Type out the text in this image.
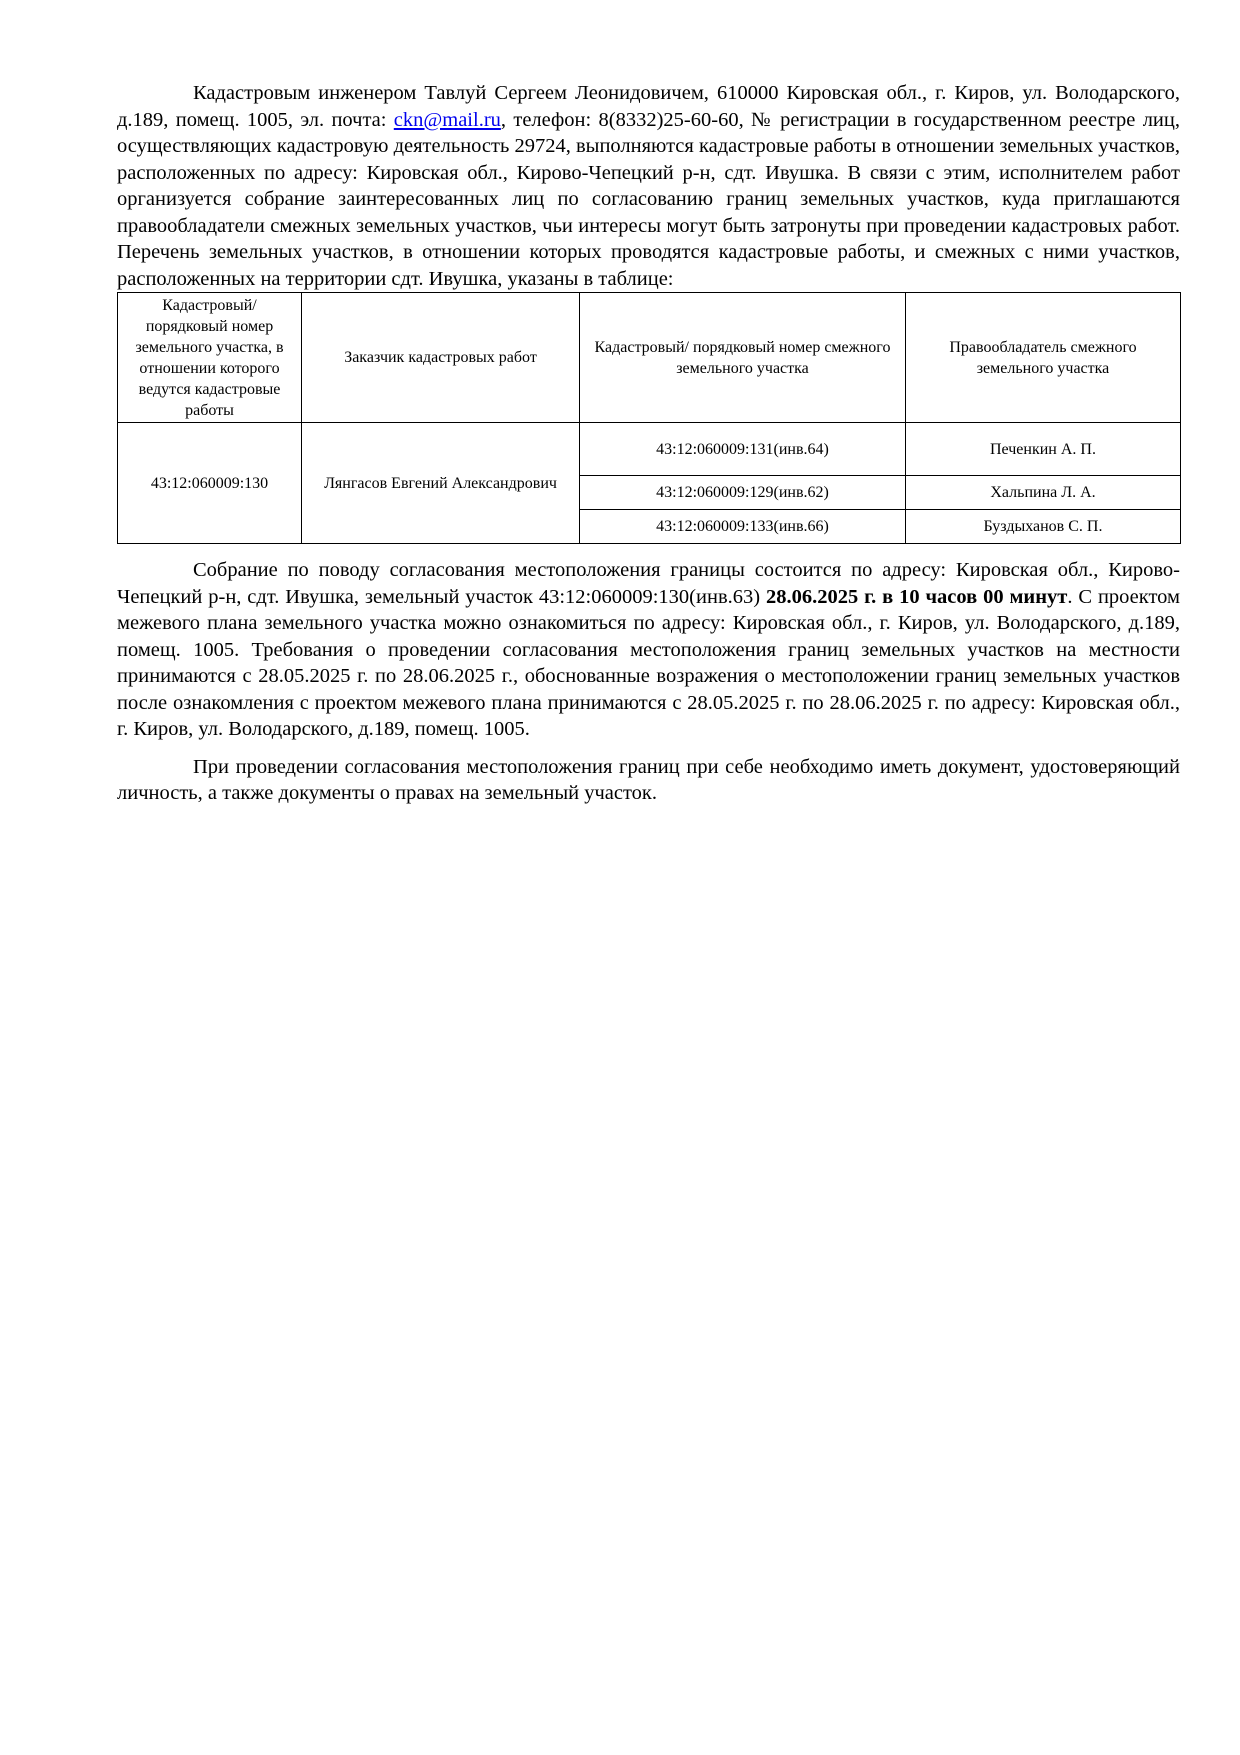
Кадастровым инженером Тавлуй Сергеем Леонидовичем, 610000 Кировская обл., г. Киров, ул. Володарского, д.189, помещ. 1005, эл. почта: ckn@mail.ru, телефон: 8(8332)25-60-60, № регистрации в государственном реестре лиц, осуществляющих кадастровую деятельность 29724, выполняются кадастровые работы в отношении земельных участков, расположенных по адресу: Кировская обл., Кирово-Чепецкий р-н, сдт. Ивушка. В связи с этим, исполнителем работ организуется собрание заинтересованных лиц по согласованию границ земельных участков, куда приглашаются правообладатели смежных земельных участков, чьи интересы могут быть затронуты при проведении кадастровых работ. Перечень земельных участков, в отношении которых проводятся кадастровые работы, и смежных с ними участков, расположенных на территории сдт. Ивушка, указаны в таблице:

Кадастровый/ порядковый номер земельного участка, в отношении которого ведутся кадастровые работы	Заказчик кадастровых работ	Кадастровый/ порядковый номер смежного земельного участка	Правообладатель смежного земельного участка
43:12:060009:130	Лянгасов Евгений Александрович	43:12:060009:131(инв.64)	Печенкин А. П.
		43:12:060009:129(инв.62)	Хальпина Л. А.
		43:12:060009:133(инв.66)	Буздыханов С. П.

Собрание по поводу согласования местоположения границы состоится по адресу: Кировская обл., Кирово-Чепецкий р-н, сдт. Ивушка, земельный участок 43:12:060009:130(инв.63) 28.06.2025 г. в 10 часов 00 минут. С проектом межевого плана земельного участка можно ознакомиться по адресу: Кировская обл., г. Киров, ул. Володарского, д.189, помещ. 1005. Требования о проведении согласования местоположения границ земельных участков на местности принимаются с 28.05.2025 г. по 28.06.2025 г., обоснованные возражения о местоположении границ земельных участков после ознакомления с проектом межевого плана принимаются с 28.05.2025 г. по 28.06.2025 г. по адресу: Кировская обл., г. Киров, ул. Володарского, д.189, помещ. 1005.

При проведении согласования местоположения границ при себе необходимо иметь документ, удостоверяющий личность, а также документы о правах на земельный участок.
